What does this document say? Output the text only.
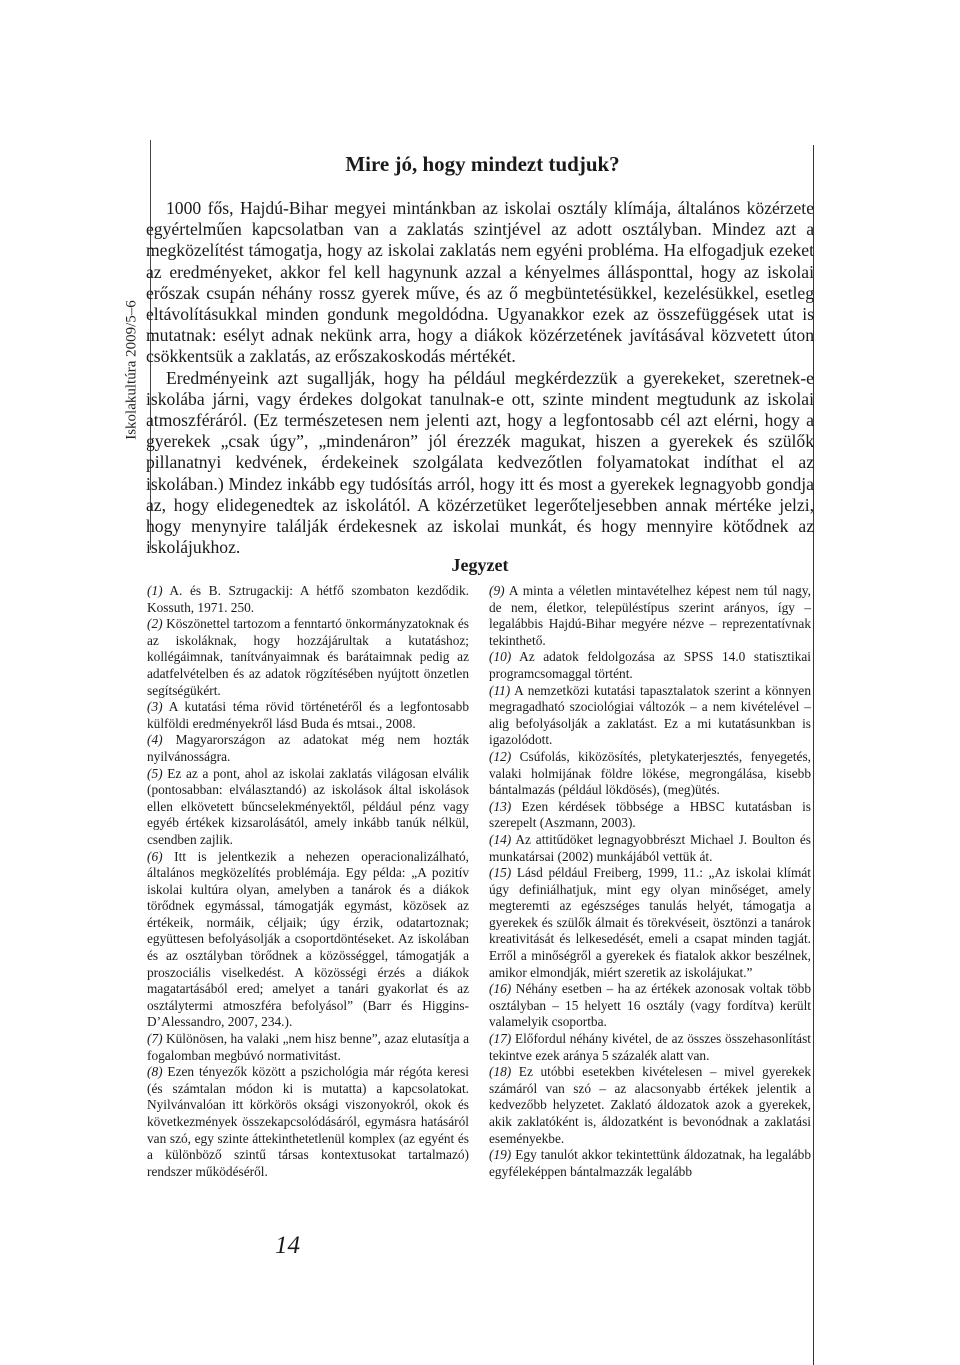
Iskolakultúra 2009/5–6
Mire jó, hogy mindezt tudjuk?

1000 fős, Hajdú-Bihar megyei mintánkban az iskolai osztály klímája, általános közérzete egyértelműen kapcsolatban van a zaklatás szintjével az adott osztályban. Mindez azt a megközelítést támogatja, hogy az iskolai zaklatás nem egyéni probléma. Ha elfogadjuk ezeket az eredményeket, akkor fel kell hagynunk azzal a kényelmes állásponttal, hogy az iskolai erőszak csupán néhány rossz gyerek műve, és az ő megbüntetésükkel, kezelésükkel, esetleg eltávolításukkal minden gondunk megoldódna. Ugyanakkor ezek az összefüggések utat is mutatnak: esélyt adnak nekünk arra, hogy a diákok közérzetének javításával közvetett úton csökkentsük a zaklatás, az erőszakoskodás mértékét.

Eredményeink azt sugallják, hogy ha például megkérdezzük a gyerekeket, szeretnek-e iskolába járni, vagy érdekes dolgokat tanulnak-e ott, szinte mindent megtudunk az iskolai atmoszféráról. (Ez természetesen nem jelenti azt, hogy a legfontosabb cél azt elérni, hogy a gyerekek „csak úgy”, „mindenáron” jól érezzék magukat, hiszen a gyerekek és szülők pillanatnyi kedvének, érdekeinek szolgálata kedvezőtlen folyamatokat indíthat el az iskolában.) Mindez inkább egy tudósítás arról, hogy itt és most a gyerekek legnagyobb gondja az, hogy elidegenedtek az iskolától. A közérzetüket legerőteljesebben annak mértéke jelzi, hogy menynyire találják érdekesnek az iskolai munkát, és hogy mennyire kötődnek az iskolájukhoz.

Jegyzet

(1) A. és B. Sztrugackij: A hétfő szombaton kezdődik. Kossuth, 1971. 250.

(2) Köszönettel tartozom a fenntartó önkormányzatoknak és az iskoláknak, hogy hozzájárultak a kutatáshoz; kollégáimnak, tanítványaimnak és barátaimnak pedig az adatfelvételben és az adatok rögzítésében nyújtott önzetlen segítségükért.

(3) A kutatási téma rövid történetéről és a legfontosabb külföldi eredményekről lásd Buda és mtsai., 2008.

(4) Magyarországon az adatokat még nem hozták nyilvánosságra.

(5) Ez az a pont, ahol az iskolai zaklatás világosan elválik (pontosabban: elválasztandó) az iskolások által iskolások ellen elkövetett bűncselekményektől, például pénz vagy egyéb értékek kizsarolásától, amely inkább tanúk nélkül, csendben zajlik.

(6) Itt is jelentkezik a nehezen operacionalizálható, általános megközelítés problémája. Egy példa: „A pozitív iskolai kultúra olyan, amelyben a tanárok és a diákok törődnek egymással, támogatják egymást, közösek az értékeik, normáik, céljaik; úgy érzik, odatartoznak; együttesen befolyásolják a csoportdöntéseket. Az iskolában és az osztályban törődnek a közösséggel, támogatják a proszociális viselkedést. A közösségi érzés a diákok magatartásából ered; amelyet a tanári gyakorlat és az osztálytermi atmoszféra befolyásol” (Barr és Higgins-D’Alessandro, 2007, 234.).

(7) Különösen, ha valaki „nem hisz benne”, azaz elutasítja a fogalomban megbúvó normativitást.

(8) Ezen tényezők között a pszichológia már régóta keresi (és számtalan módon ki is mutatta) a kapcsolatokat. Nyilvánvalóan itt körkörös oksági viszonyokról, okok és következmények összekapcsolódásáról, egymásra hatásáról van szó, egy szinte áttekinthetetlenül komplex (az egyént és a különböző szintű társas kontextusokat tartalmazó) rendszer működéséről.

(9) A minta a véletlen mintavételhez képest nem túl nagy, de nem, életkor, településtípus szerint arányos, így – legalábbis Hajdú-Bihar megyére nézve – reprezentatívnak tekinthető.

(10) Az adatok feldolgozása az SPSS 14.0 statisztikai programcsomaggal történt.

(11) A nemzetközi kutatási tapasztalatok szerint a könnyen megragadható szociológiai változók – a nem kivételével – alig befolyásolják a zaklatást. Ez a mi kutatásunkban is igazolódott.

(12) Csúfolás, kiközösítés, pletykaterjesztés, fenyegetés, valaki holmijának földre lökése, megrongálása, kisebb bántalmazás (például lökdösés), (meg)ütés.

(13) Ezen kérdések többsége a HBSC kutatásban is szerepelt (Aszmann, 2003).

(14) Az attitűdöket legnagyobbrészt Michael J. Boulton és munkatársai (2002) munkájából vettük át.

(15) Lásd például Freiberg, 1999, 11.: „Az iskolai klímát úgy definiálhatjuk, mint egy olyan minőséget, amely megteremti az egészséges tanulás helyét, támogatja a gyerekek és szülők álmait és törekvéseit, ösztönzi a tanárok kreativitását és lelkesedését, emeli a csapat minden tagját. Erről a minőségről a gyerekek és fiatalok akkor beszélnek, amikor elmondják, miért szeretik az iskolájukat.”

(16) Néhány esetben – ha az értékek azonosak voltak több osztályban – 15 helyett 16 osztály (vagy fordítva) került valamelyik csoportba.

(17) Előfordul néhány kivétel, de az összes összehasonlítást tekintve ezek aránya 5 százalék alatt van.

(18) Ez utóbbi esetekben kivételesen – mivel gyerekek számáról van szó – az alacsonyabb értékek jelentik a kedvezőbb helyzetet. Zaklató áldozatok azok a gyerekek, akik zaklatóként is, áldozatként is bevonódnak a zaklatási eseményekbe.

(19) Egy tanulót akkor tekintettünk áldozatnak, ha legalább egyféleképpen bántalmazzák legalább

14
